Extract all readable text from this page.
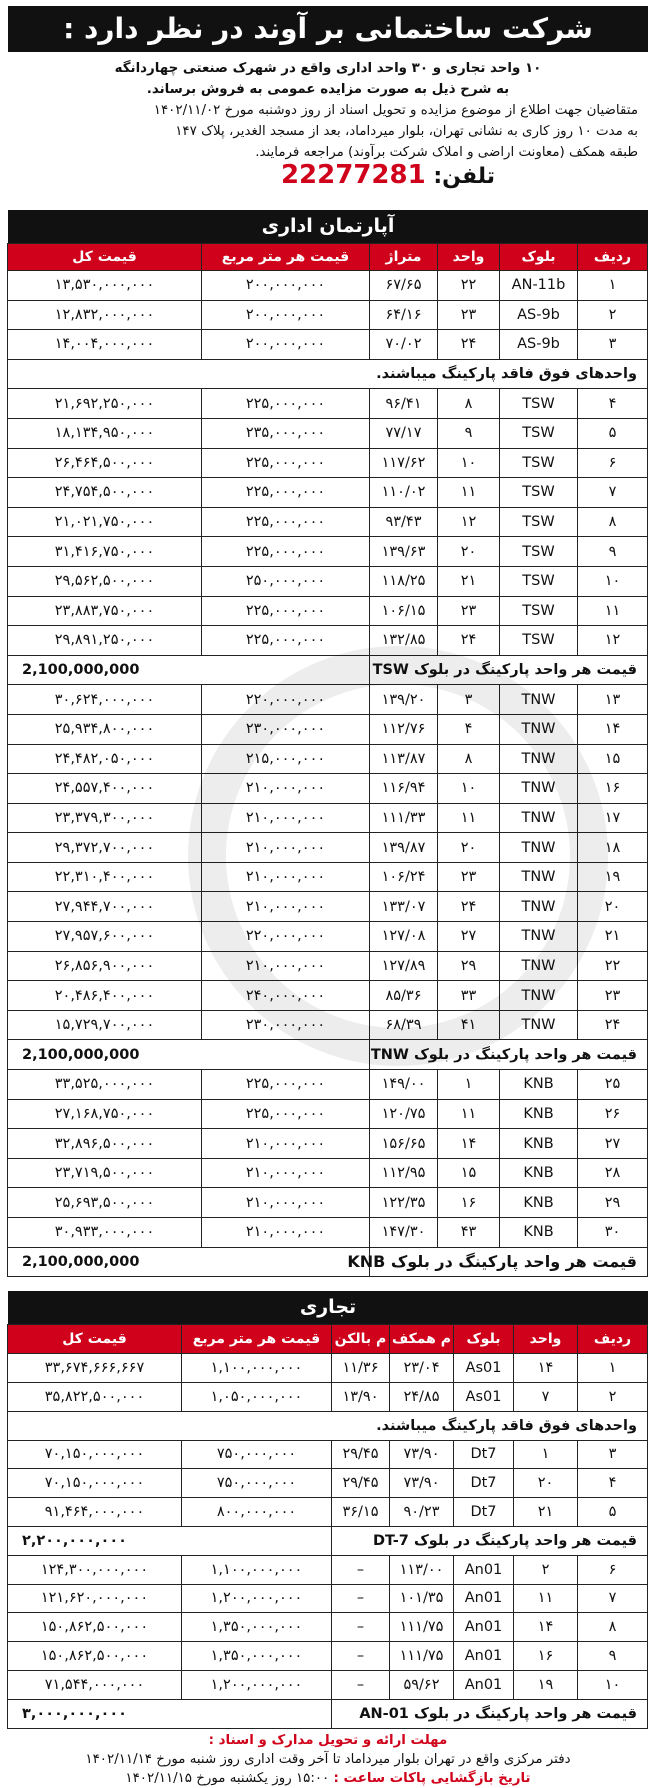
شرکت ساختمانی بر آوند در نظر دارد :

۱۰ واحد تجاری و ۳۰ واحد اداری واقع در شهرک صنعتی چهاردانگه

به شرح ذیل به صورت مزایده عمومی به فروش برساند.

متقاضیان جهت اطلاع از موضوع مزایده و تحویل اسناد از روز دوشنبه مورخ ۱۴۰۲/۱۱/۰۲

به مدت ۱۰ روز کاری به نشانی تهران، بلوار میرداماد، بعد از مسجد الغدیر، پلاک ۱۴۷

طبقه همکف (معاونت اراضی و املاک شرکت برآوند) مراجعه فرمایند.

تلفن: 22277281
آپارتمان اداری
ردیف	بلوک	واحد	متراژ	قیمت هر متر مربع	قیمت کل
۱	AN-11b	۲۲	۶۷/۶۵	۲۰۰,۰۰۰,۰۰۰	۱۳,۵۳۰,۰۰۰,۰۰۰
۲	AS-9b	۲۳	۶۴/۱۶	۲۰۰,۰۰۰,۰۰۰	۱۲,۸۳۲,۰۰۰,۰۰۰
۳	AS-9b	۲۴	۷۰/۰۲	۲۰۰,۰۰۰,۰۰۰	۱۴,۰۰۴,۰۰۰,۰۰۰
واحدهای فوق فاقد پارکینگ میباشند.					
۴	TSW	۸	۹۶/۴۱	۲۲۵,۰۰۰,۰۰۰	۲۱,۶۹۲,۲۵۰,۰۰۰
۵	TSW	۹	۷۷/۱۷	۲۳۵,۰۰۰,۰۰۰	۱۸,۱۳۴,۹۵۰,۰۰۰
۶	TSW	۱۰	۱۱۷/۶۲	۲۲۵,۰۰۰,۰۰۰	۲۶,۴۶۴,۵۰۰,۰۰۰
۷	TSW	۱۱	۱۱۰/۰۲	۲۲۵,۰۰۰,۰۰۰	۲۴,۷۵۴,۵۰۰,۰۰۰
۸	TSW	۱۲	۹۳/۴۳	۲۲۵,۰۰۰,۰۰۰	۲۱,۰۲۱,۷۵۰,۰۰۰
۹	TSW	۲۰	۱۳۹/۶۳	۲۲۵,۰۰۰,۰۰۰	۳۱,۴۱۶,۷۵۰,۰۰۰
۱۰	TSW	۲۱	۱۱۸/۲۵	۲۵۰,۰۰۰,۰۰۰	۲۹,۵۶۲,۵۰۰,۰۰۰
۱۱	TSW	۲۳	۱۰۶/۱۵	۲۲۵,۰۰۰,۰۰۰	۲۳,۸۸۳,۷۵۰,۰۰۰
۱۲	TSW	۲۴	۱۳۲/۸۵	۲۲۵,۰۰۰,۰۰۰	۲۹,۸۹۱,۲۵۰,۰۰۰
قیمت هر واحد پارکینگ در بلوک TSW				2,100,000,000	
۱۳	TNW	۳	۱۳۹/۲۰	۲۲۰,۰۰۰,۰۰۰	۳۰,۶۲۴,۰۰۰,۰۰۰
۱۴	TNW	۴	۱۱۲/۷۶	۲۳۰,۰۰۰,۰۰۰	۲۵,۹۳۴,۸۰۰,۰۰۰
۱۵	TNW	۸	۱۱۳/۸۷	۲۱۵,۰۰۰,۰۰۰	۲۴,۴۸۲,۰۵۰,۰۰۰
۱۶	TNW	۱۰	۱۱۶/۹۴	۲۱۰,۰۰۰,۰۰۰	۲۴,۵۵۷,۴۰۰,۰۰۰
۱۷	TNW	۱۱	۱۱۱/۳۳	۲۱۰,۰۰۰,۰۰۰	۲۳,۳۷۹,۳۰۰,۰۰۰
۱۸	TNW	۲۰	۱۳۹/۸۷	۲۱۰,۰۰۰,۰۰۰	۲۹,۳۷۲,۷۰۰,۰۰۰
۱۹	TNW	۲۳	۱۰۶/۲۴	۲۱۰,۰۰۰,۰۰۰	۲۲,۳۱۰,۴۰۰,۰۰۰
۲۰	TNW	۲۴	۱۳۳/۰۷	۲۱۰,۰۰۰,۰۰۰	۲۷,۹۴۴,۷۰۰,۰۰۰
۲۱	TNW	۲۷	۱۲۷/۰۸	۲۲۰,۰۰۰,۰۰۰	۲۷,۹۵۷,۶۰۰,۰۰۰
۲۲	TNW	۲۹	۱۲۷/۸۹	۲۱۰,۰۰۰,۰۰۰	۲۶,۸۵۶,۹۰۰,۰۰۰
۲۳	TNW	۳۳	۸۵/۳۶	۲۴۰,۰۰۰,۰۰۰	۲۰,۴۸۶,۴۰۰,۰۰۰
۲۴	TNW	۴۱	۶۸/۳۹	۲۳۰,۰۰۰,۰۰۰	۱۵,۷۲۹,۷۰۰,۰۰۰
قیمت هر واحد پارکینگ در بلوک TNW				2,100,000,000	
۲۵	KNB	۱	۱۴۹/۰۰	۲۲۵,۰۰۰,۰۰۰	۳۳,۵۲۵,۰۰۰,۰۰۰
۲۶	KNB	۱۱	۱۲۰/۷۵	۲۲۵,۰۰۰,۰۰۰	۲۷,۱۶۸,۷۵۰,۰۰۰
۲۷	KNB	۱۴	۱۵۶/۶۵	۲۱۰,۰۰۰,۰۰۰	۳۲,۸۹۶,۵۰۰,۰۰۰
۲۸	KNB	۱۵	۱۱۲/۹۵	۲۱۰,۰۰۰,۰۰۰	۲۳,۷۱۹,۵۰۰,۰۰۰
۲۹	KNB	۱۶	۱۲۲/۳۵	۲۱۰,۰۰۰,۰۰۰	۲۵,۶۹۳,۵۰۰,۰۰۰
۳۰	KNB	۴۳	۱۴۷/۳۰	۲۱۰,۰۰۰,۰۰۰	۳۰,۹۳۳,۰۰۰,۰۰۰
قیمت هر واحد پارکینگ در بلوک KNB				2,100,000,000	
تجاری
ردیف	واحد	بلوک	م همکف	م بالکن	قیمت هر متر مربع	قیمت کل
۱	۱۴	As01	۲۳/۰۴	۱۱/۳۶	۱,۱۰۰,۰۰۰,۰۰۰	۳۳,۶۷۴,۶۶۶,۶۶۷
۲	۷	As01	۲۴/۸۵	۱۳/۹۰	۱,۰۵۰,۰۰۰,۰۰۰	۳۵,۸۲۲,۵۰۰,۰۰۰
واحدهای فوق فاقد پارکینگ میباشند.						
۳	۱	Dt7	۷۳/۹۰	۲۹/۴۵	۷۵۰,۰۰۰,۰۰۰	۷۰,۱۵۰,۰۰۰,۰۰۰
۴	۲۰	Dt7	۷۳/۹۰	۲۹/۴۵	۷۵۰,۰۰۰,۰۰۰	۷۰,۱۵۰,۰۰۰,۰۰۰
۵	۲۱	Dt7	۹۰/۲۳	۳۶/۱۵	۸۰۰,۰۰۰,۰۰۰	۹۱,۴۶۴,۰۰۰,۰۰۰
قیمت هر واحد پارکینگ در بلوک DT-7					۲,۲۰۰,۰۰۰,۰۰۰	
۶	۲	An01	۱۱۳/۰۰	–	۱,۱۰۰,۰۰۰,۰۰۰	۱۲۴,۳۰۰,۰۰۰,۰۰۰
۷	۱۱	An01	۱۰۱/۳۵	–	۱,۲۰۰,۰۰۰,۰۰۰	۱۲۱,۶۲۰,۰۰۰,۰۰۰
۸	۱۴	An01	۱۱۱/۷۵	–	۱,۳۵۰,۰۰۰,۰۰۰	۱۵۰,۸۶۲,۵۰۰,۰۰۰
۹	۱۶	An01	۱۱۱/۷۵	–	۱,۳۵۰,۰۰۰,۰۰۰	۱۵۰,۸۶۲,۵۰۰,۰۰۰
۱۰	۱۹	An01	۵۹/۶۲	–	۱,۲۰۰,۰۰۰,۰۰۰	۷۱,۵۴۴,۰۰۰,۰۰۰
قیمت هر واحد پارکینگ در بلوک AN-01					۳,۰۰۰,۰۰۰,۰۰۰	
مهلت ارائه و تحویل مدارک و اسناد :
دفتر مرکزی واقع در تهران بلوار میرداماد تا آخر وقت اداری روز شنبه مورخ ۱۴۰۲/۱۱/۱۴
تاریخ بازگشایی پاکات ساعت : ۱۵:۰۰ روز یکشنبه مورخ ۱۴۰۲/۱۱/۱۵
